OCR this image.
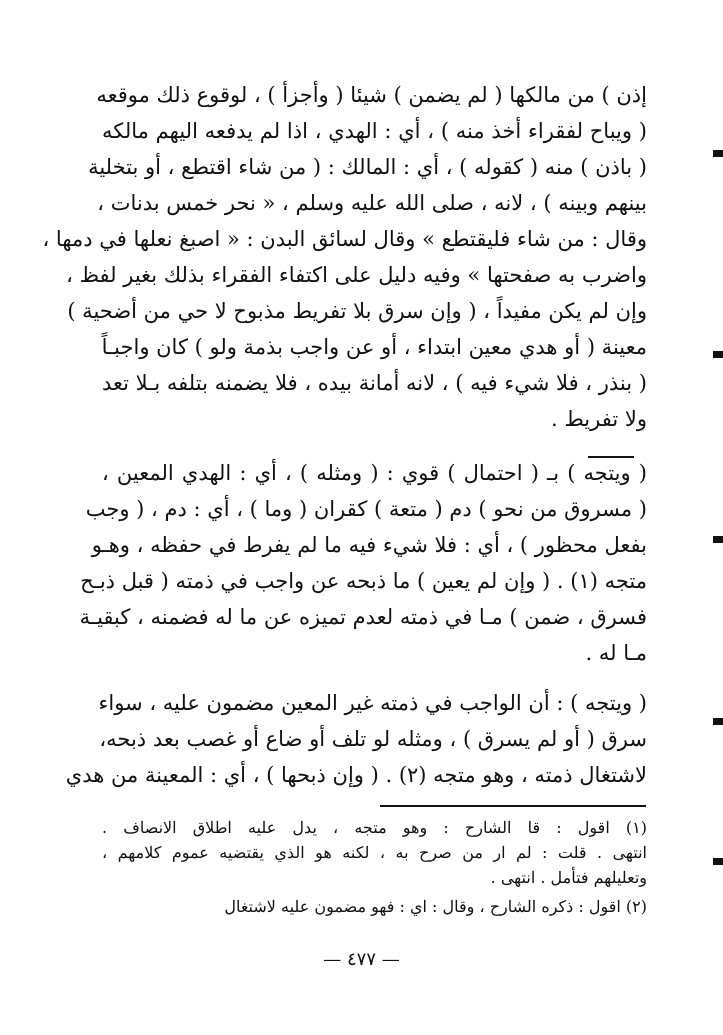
إذن ) من مالكها ( لم يضمن ) شيئا ( وأجزأ ) ، لوقوع ذلك موقعه
( ويباح لفقراء أخذ منه ) ، أي : الهدي ، اذا لم يدفعه اليهم مالكه
( باذن ) منه ( كقوله ) ، أي : المالك : ( من شاء اقتطع ، أو بتخلية
بينهم وبينه ) ، لانه ، صلى الله عليه وسلم ، « نحر خمس بدنات ،
وقال : من شاء فليقتطع » وقال لسائق البدن : « اصبغ نعلها في دمها ،
واضرب به صفحتها » وفيه دليل على اكتفاء الفقراء بذلك بغير لفظ ،
وإن لم يكن مفيداً ، ( وإن سرق بلا تفريط مذبوح لا حي من أضحية )
معينة ( أو هدي معين ابتداء ، أو عن واجب بذمة ولو ) كان واجبـاً
( بنذر ، فلا شيء فيه ) ، لانه أمانة بيده ، فلا يضمنه بتلفه بـلا تعد
ولا تفريط .
( ويتجه ) بـ ( احتمال ) قوي : ( ومثله ) ، أي : الهدي المعين ،
( مسروق من نحو ) دم ( متعة ) كقران ( وما ) ، أي : دم ، ( وجب
بفعل محظور ) ، أي : فلا شيء فيه ما لم يفرط في حفظه ، وهـو
متجه (١) . ( وإن لم يعين ) ما ذبحه عن واجب في ذمته ( قبل ذبـح
فسرق ، ضمن ) مـا في ذمته لعدم تميزه عن ما له فضمنه ، كبقيـة
مـا له .
( ويتجه ) : أن الواجب في ذمته غير المعين مضمون عليه ، سواء
سرق ( أو لم يسرق ) ، ومثله لو تلف أو ضاع أو غصب بعد ذبحه،
لاشتغال ذمته ، وهو متجه (٢) . ( وإن ذبحها ) ، أي : المعينة من هدي
(١) اقول : قا الشارح : وهو متجه ، يدل عليه اطلاق الانصاف .
انتهى . قلت : لم ار من صرح به ، لكنه هو الذي يقتضيه عموم كلامهم ،
وتعليلهم فتأمل . انتهى .
(٢) اقول : ذكره الشارح ، وقال : اي : فهو مضمون عليه لاشتغال
— ٤٧٧ —
